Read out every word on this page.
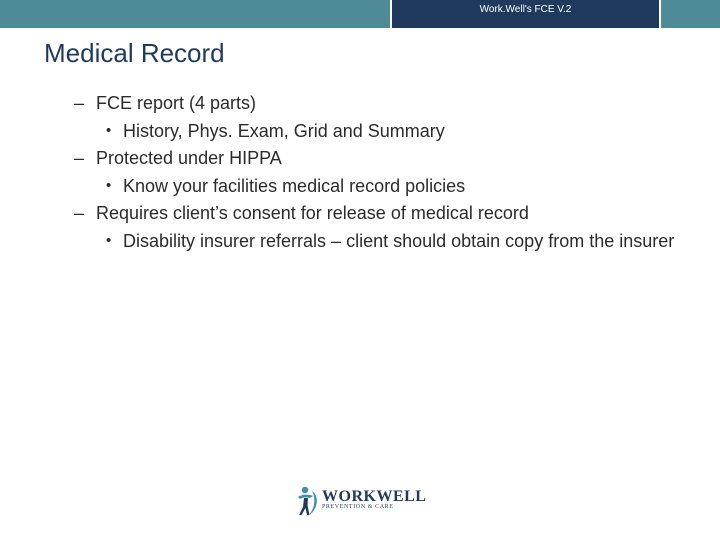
Work.Well's FCE V.2
Medical Record
– FCE report (4 parts)
• History, Phys. Exam, Grid and Summary
– Protected under HIPPA
• Know your facilities medical record policies
– Requires client’s consent for release of medical record
• Disability insurer referrals – client should obtain copy from the insurer
WORKWELL
PREVENTION & CARE
